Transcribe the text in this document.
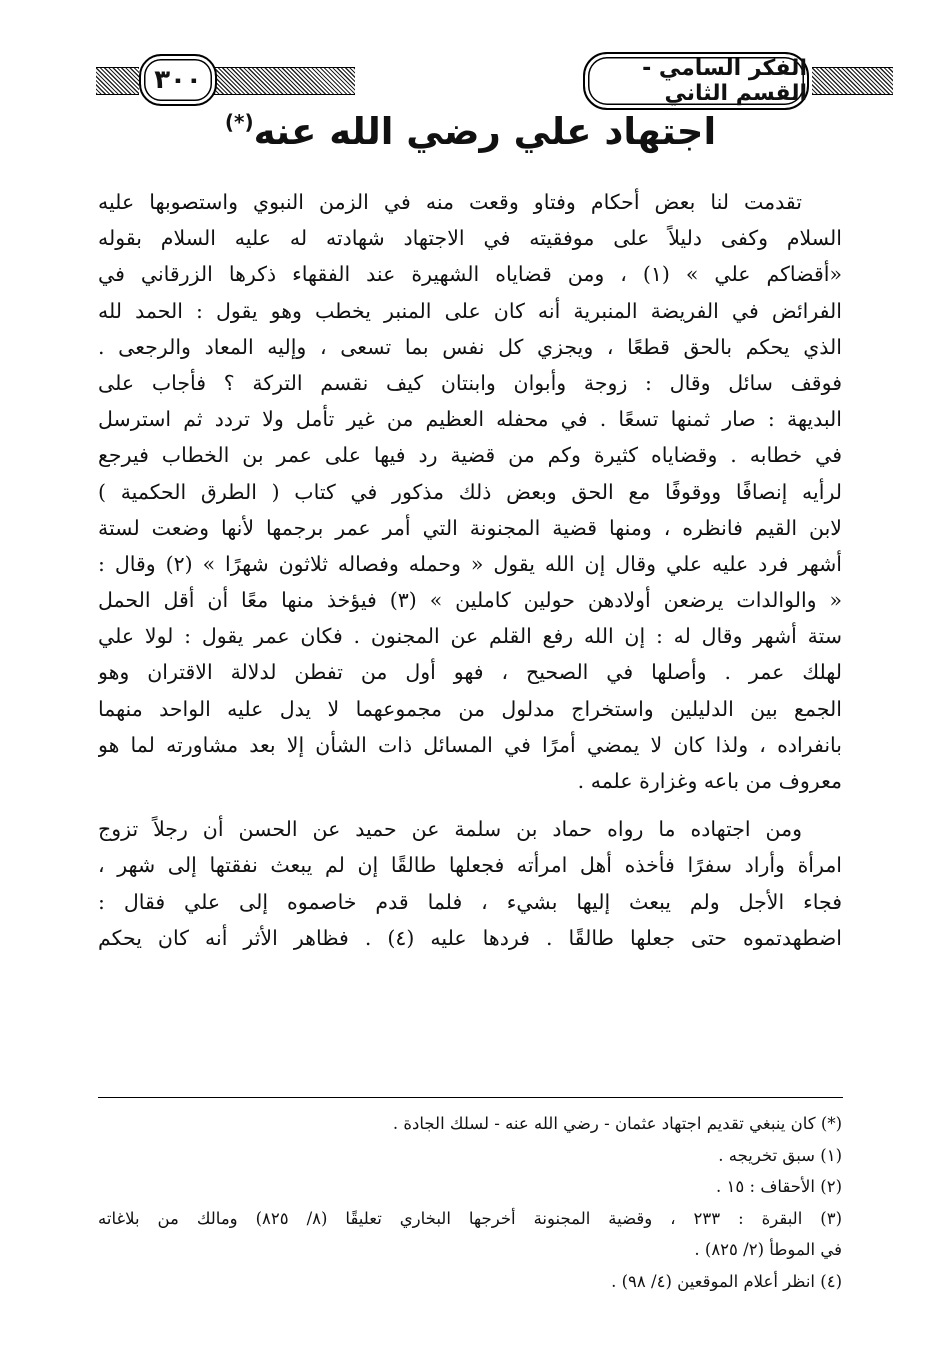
الفكر السامي - القسم الثاني
٣٠٠
اجتهاد علي رضي الله عنه(*)

تقدمت لنا بعض أحكام وفتاو وقعت منه في الزمن النبوي واستصوبها عليه
السلام وكفى دليلاً على موفقيته في الاجتهاد شهادته له عليه السلام بقوله
«أقضاكم علي » (١) ، ومن قضاياه الشهيرة عند الفقهاء ذكرها الزرقاني في
الفرائض في الفريضة المنبرية أنه كان على المنبر يخطب وهو يقول : الحمد لله
الذي يحكم بالحق قطعًا ، ويجزي كل نفس بما تسعى ، وإليه المعاد والرجعى .
فوقف سائل وقال : زوجة وأبوان وابنتان كيف نقسم التركة ؟ فأجاب على
البديهة : صار ثمنها تسعًا . في محفله العظيم من غير تأمل ولا تردد ثم استرسل
في خطابه . وقضاياه كثيرة وكم من قضية رد فيها على عمر بن الخطاب فيرجع
لرأيه إنصافًا ووقوفًا مع الحق وبعض ذلك مذكور في كتاب ( الطرق الحكمية )
لابن القيم فانظره ، ومنها قضية المجنونة التي أمر عمر برجمها لأنها وضعت لستة
أشهر فرد عليه علي وقال إن الله يقول « وحمله وفصاله ثلاثون شهرًا » (٢) وقال :
« والوالدات يرضعن أولادهن حولين كاملين » (٣) فيؤخذ منها معًا أن أقل الحمل
ستة أشهر وقال له : إن الله رفع القلم عن المجنون . فكان عمر يقول : لولا علي
لهلك عمر . وأصلها في الصحيح ، فهو أول من تفطن لدلالة الاقتران وهو
الجمع بين الدليلين واستخراج مدلول من مجموعهما لا يدل عليه الواحد منهما
بانفراده ، ولذا كان لا يمضي أمرًا في المسائل ذات الشأن إلا بعد مشاورته لما هو
معروف من باعه وغزارة علمه .

ومن اجتهاده ما رواه حماد بن سلمة عن حميد عن الحسن أن رجلاً تزوج
امرأة وأراد سفرًا فأخذه أهل امرأته فجعلها طالقًا إن لم يبعث نفقتها إلى شهر ،
فجاء الأجل ولم يبعث إليها بشيء ، فلما قدم خاصموه إلى علي فقال :
اضطهدتموه حتى جعلها طالقًا . فردها عليه (٤) . فظاهر الأثر أنه كان يحكم

(*) كان ينبغي تقديم اجتهاد عثمان - رضي الله عنه - لسلك الجادة .
(١) سبق تخريجه .
(٢) الأحقاف : ١٥ .
(٣) البقرة : ٢٣٣ ، وقضية المجنونة أخرجها البخاري تعليقًا (٨/ ٨٢٥) ومالك من بلاغاته
في الموطأ (٢/ ٨٢٥) .
(٤) انظر أعلام الموقعين (٤/ ٩٨) .
